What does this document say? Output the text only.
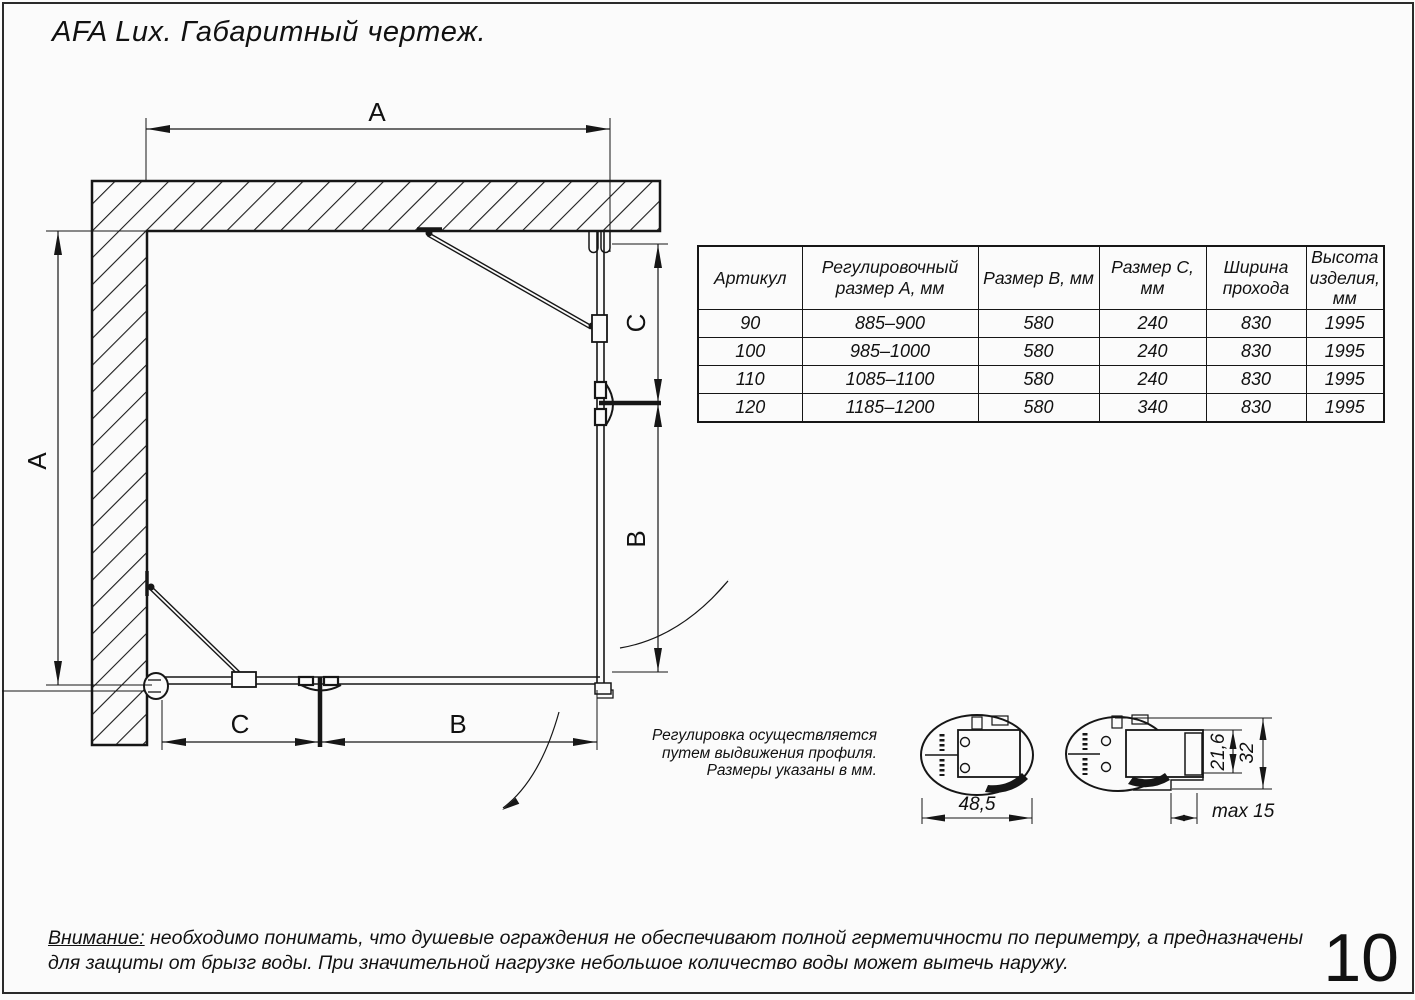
AFA Lux. Габаритный чертеж.
A
A
C
B
C	B
48,5
21,6 32
max 15
Артикул	Регулировочный размер А, мм	Размер В, мм	Размер С, мм	Ширина прохода	Высота изделия, мм
90	885–900	580	240	830	1995
100	985–1000	580	240	830	1995
110	1085–1100	580	240	830	1995
120	1185–1200	580	340	830	1995
Регулировка осуществляется
путем выдвижения профиля.
Размеры указаны в мм.
Внимание: необходимо понимать, что душевые ограждения не обеспечивают полной герметичности по периметру, а предназначены
для защиты от брызг воды. При значительной нагрузке небольшое количество воды может вытечь наружу.	10
